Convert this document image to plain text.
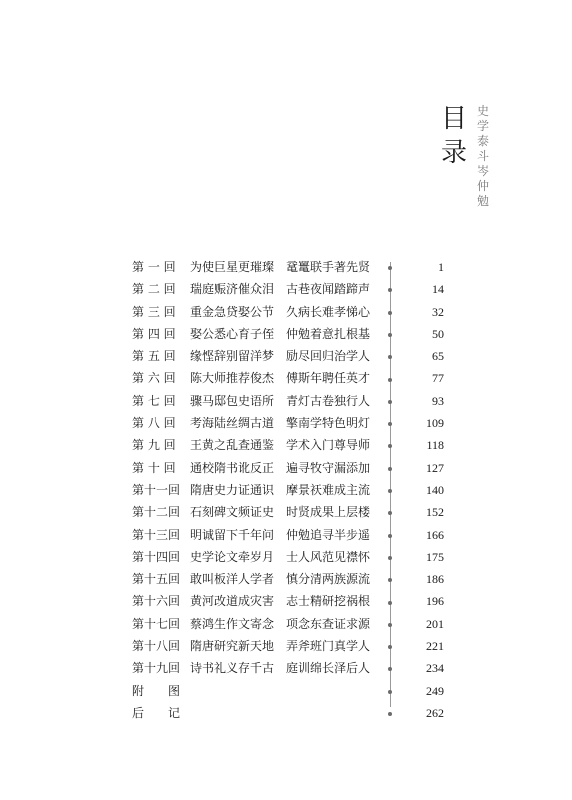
目
录
史
学
泰
斗
岑
仲
勉
第 一 回	为使巨星更璀璨 鼋鼍联手著先贤	1
第 二 回	瑞庭赈济催众泪 古巷夜闻踏蹄声	14
第 三 回	重金急贷娶公节 久病长难孝悌心	32
第 四 回	娶公悉心育子侄 仲勉着意扎根基	50
第 五 回	缘悭辞别留洋梦 励尽回归治学人	65
第 六 回	陈大师推荐俊杰 傅斯年聘任英才	77
第 七 回	骤马邸包史语所 青灯古卷独行人	93
第 八 回	考海陆丝绸古道 擎南学特色明灯	109
第 九 回	王黄之乱查通鉴 学术入门尊导师	118
第 十 回	通校隋书讹反正 遍寻牧守漏添加	127
第十一回 隋唐史力证通识 摩景祆难成主流	140
第十二回 石刻碑文频证史 时贤成果上层楼	152
第十三回 明诚留下千年问 仲勉追寻半步遥	166
第十四回 史学论文牵岁月 士人风范见襟怀	175
第十五回 敢叫板洋人学者 慎分清两族源流	186
第十六回 黄河改道成灾害 志士精研挖祸根	196
第十七回 蔡鸿生作文寄念 项念东查证求源	201
第十八回 隋唐研究新天地 弄斧班门真学人	221
第十九回 诗书礼义存千古 庭训绵长泽后人	234
附　　图	249
后　　记	262
